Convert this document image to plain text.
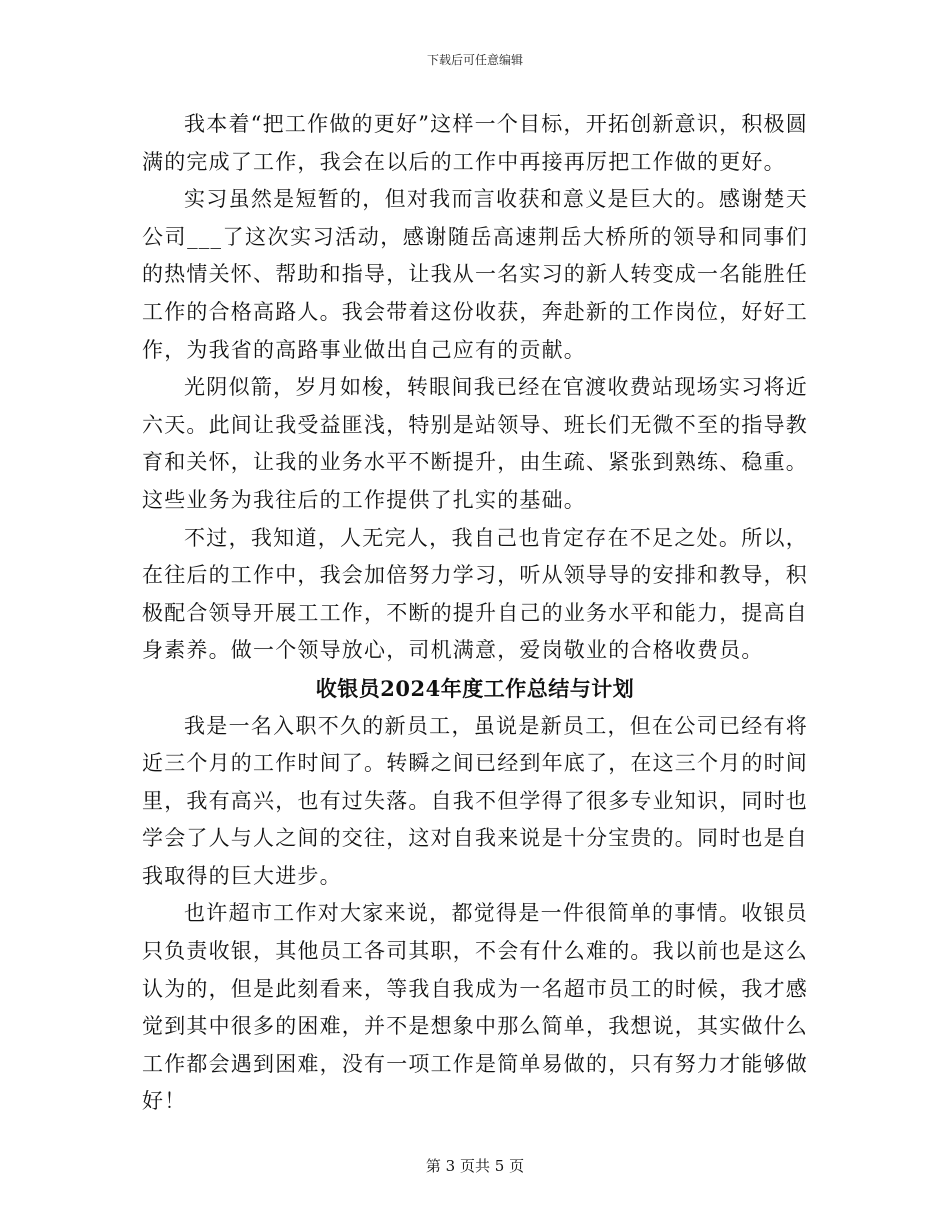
下载后可任意编辑

我本着“把工作做的更好”这样一个目标，开拓创新意识，积极圆满的完成了工作，我会在以后的工作中再接再厉把工作做的更好。

实习虽然是短暂的，但对我而言收获和意义是巨大的。感谢楚天公司___了这次实习活动，感谢随岳高速荆岳大桥所的领导和同事们的热情关怀、帮助和指导，让我从一名实习的新人转变成一名能胜任工作的合格高路人。我会带着这份收获，奔赴新的工作岗位，好好工作，为我省的高路事业做出自己应有的贡献。

光阴似箭，岁月如梭，转眼间我已经在官渡收费站现场实习将近六天。此间让我受益匪浅，特别是站领导、班长们无微不至的指导教育和关怀，让我的业务水平不断提升，由生疏、紧张到熟练、稳重。这些业务为我往后的工作提供了扎实的基础。

不过，我知道，人无完人，我自己也肯定存在不足之处。所以，在往后的工作中，我会加倍努力学习，听从领导导的安排和教导，积极配合领导开展工工作，不断的提升自己的业务水平和能力，提高自身素养。做一个领导放心，司机满意，爱岗敬业的合格收费员。

收银员2024年度工作总结与计划

我是一名入职不久的新员工，虽说是新员工，但在公司已经有将近三个月的工作时间了。转瞬之间已经到年底了，在这三个月的时间里，我有高兴，也有过失落。自我不但学得了很多专业知识，同时也学会了人与人之间的交往，这对自我来说是十分宝贵的。同时也是自我取得的巨大进步。

也许超市工作对大家来说，都觉得是一件很简单的事情。收银员只负责收银，其他员工各司其职，不会有什么难的。我以前也是这么认为的，但是此刻看来，等我自我成为一名超市员工的时候，我才感觉到其中很多的困难，并不是想象中那么简单，我想说，其实做什么工作都会遇到困难，没有一项工作是简单易做的，只有努力才能够做好！

第 3 页共 5 页
